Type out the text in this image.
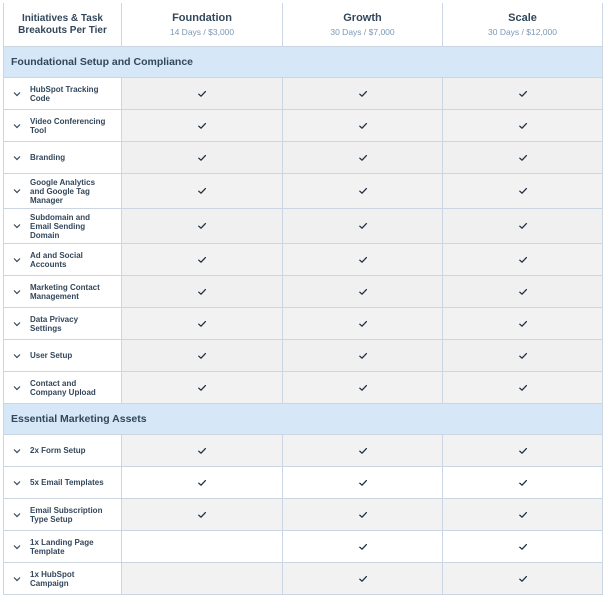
Initiatives & Task
Breakouts Per Tier
Foundation
14 Days / $3,000
Growth
30 Days / $7,000
Scale
30 Days / $12,000
Foundational Setup and Compliance
HubSpot Tracking
Code
Video Conferencing
Tool
Branding
Google Analytics
and Google Tag
Manager
Subdomain and
Email Sending
Domain
Ad and Social
Accounts
Marketing Contact
Management
Data Privacy
Settings
User Setup
Contact and
Company Upload
Essential Marketing Assets
2x Form Setup
5x Email Templates
Email Subscription
Type Setup
1x Landing Page
Template
1x HubSpot
Campaign
